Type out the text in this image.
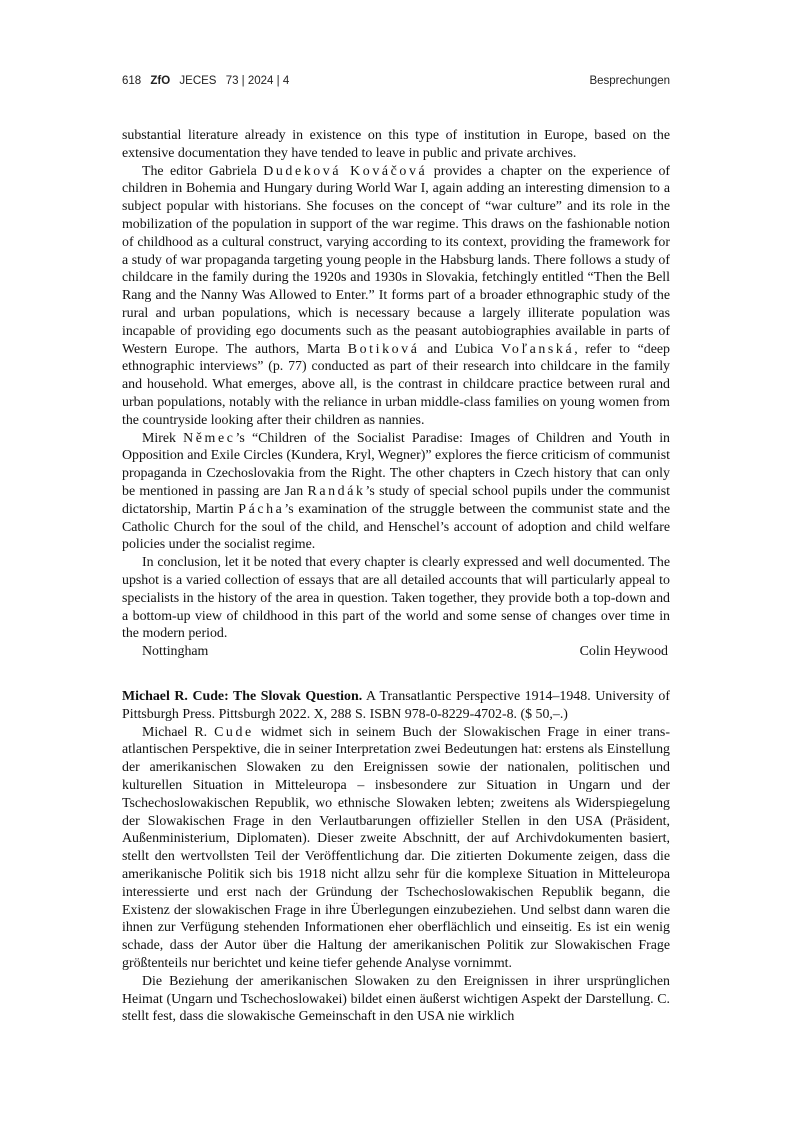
618 ZfO JECES 73 | 2024 | 4	Besprechungen

substantial literature already in existence on this type of institution in Europe, based on the extensive documentation they have tended to leave in public and private archives.

The editor Gabriela Dudeková Kováčová provides a chapter on the experience of children in Bohemia and Hungary during World War I, again adding an interesting dimension to a subject popular with historians. She focuses on the concept of “war culture” and its role in the mobilization of the population in support of the war regime. This draws on the fashionable notion of childhood as a cultural construct, varying according to its context, providing the framework for a study of war propaganda targeting young people in the Habsburg lands. There follows a study of childcare in the family during the 1920s and 1930s in Slovakia, fetchingly entitled “Then the Bell Rang and the Nanny Was Allowed to Enter.” It forms part of a broader ethnographic study of the rural and urban populations, which is necessary because a largely illiterate population was incapable of providing ego documents such as the peasant autobiographies available in parts of Western Europe. The authors, Marta Botiková and Ľubica Voľanská, refer to “deep ethnographic interviews” (p. 77) conducted as part of their research into childcare in the family and household. What emerges, above all, is the contrast in childcare practice between rural and urban populations, notably with the reliance in urban middle-class families on young women from the countryside looking after their children as nannies.

Mirek Němec’s “Children of the Socialist Paradise: Images of Children and Youth in Opposition and Exile Circles (Kundera, Kryl, Wegner)” explores the fierce criticism of communist propaganda in Czechoslovakia from the Right. The other chapters in Czech history that can only be mentioned in passing are Jan Randák’s study of special school pupils under the communist dictatorship, Martin Pácha’s examination of the struggle between the communist state and the Catholic Church for the soul of the child, and Henschel’s account of adoption and child welfare policies under the socialist regime.

In conclusion, let it be noted that every chapter is clearly expressed and well documented. The upshot is a varied collection of essays that are all detailed accounts that will particularly appeal to specialists in the history of the area in question. Taken together, they provide both a top-down and a bottom-up view of childhood in this part of the world and some sense of changes over time in the modern period.

Nottingham	Colin Heywood

Michael R. Cude: The Slovak Question. A Transatlantic Perspective 1914–1948. University of Pittsburgh Press. Pittsburgh 2022. X, 288 S. ISBN 978-0-8229-4702-8. ($ 50,–.)

Michael R. Cude widmet sich in seinem Buch der Slowakischen Frage in einer transatlantischen Perspektive, die in seiner Interpretation zwei Bedeutungen hat: erstens als Einstellung der amerikanischen Slowaken zu den Ereignissen sowie der nationalen, politischen und kulturellen Situation in Mitteleuropa – insbesondere zur Situation in Ungarn und der Tschechoslowakischen Republik, wo ethnische Slowaken lebten; zweitens als Widerspiegelung der Slowakischen Frage in den Verlautbarungen offizieller Stellen in den USA (Präsident, Außenministerium, Diplomaten). Dieser zweite Abschnitt, der auf Archivdokumenten basiert, stellt den wertvollsten Teil der Veröffentlichung dar. Die zitierten Dokumente zeigen, dass die amerikanische Politik sich bis 1918 nicht allzu sehr für die komplexe Situation in Mitteleuropa interessierte und erst nach der Gründung der Tschechoslowakischen Republik begann, die Existenz der slowakischen Frage in ihre Überlegungen einzubeziehen. Und selbst dann waren die ihnen zur Verfügung stehenden Informationen eher oberflächlich und einseitig. Es ist ein wenig schade, dass der Autor über die Haltung der amerikanischen Politik zur Slowakischen Frage größtenteils nur berichtet und keine tiefer gehende Analyse vornimmt.

Die Beziehung der amerikanischen Slowaken zu den Ereignissen in ihrer ursprünglichen Heimat (Ungarn und Tschechoslowakei) bildet einen äußerst wichtigen Aspekt der Darstellung. C. stellt fest, dass die slowakische Gemeinschaft in den USA nie wirklich
